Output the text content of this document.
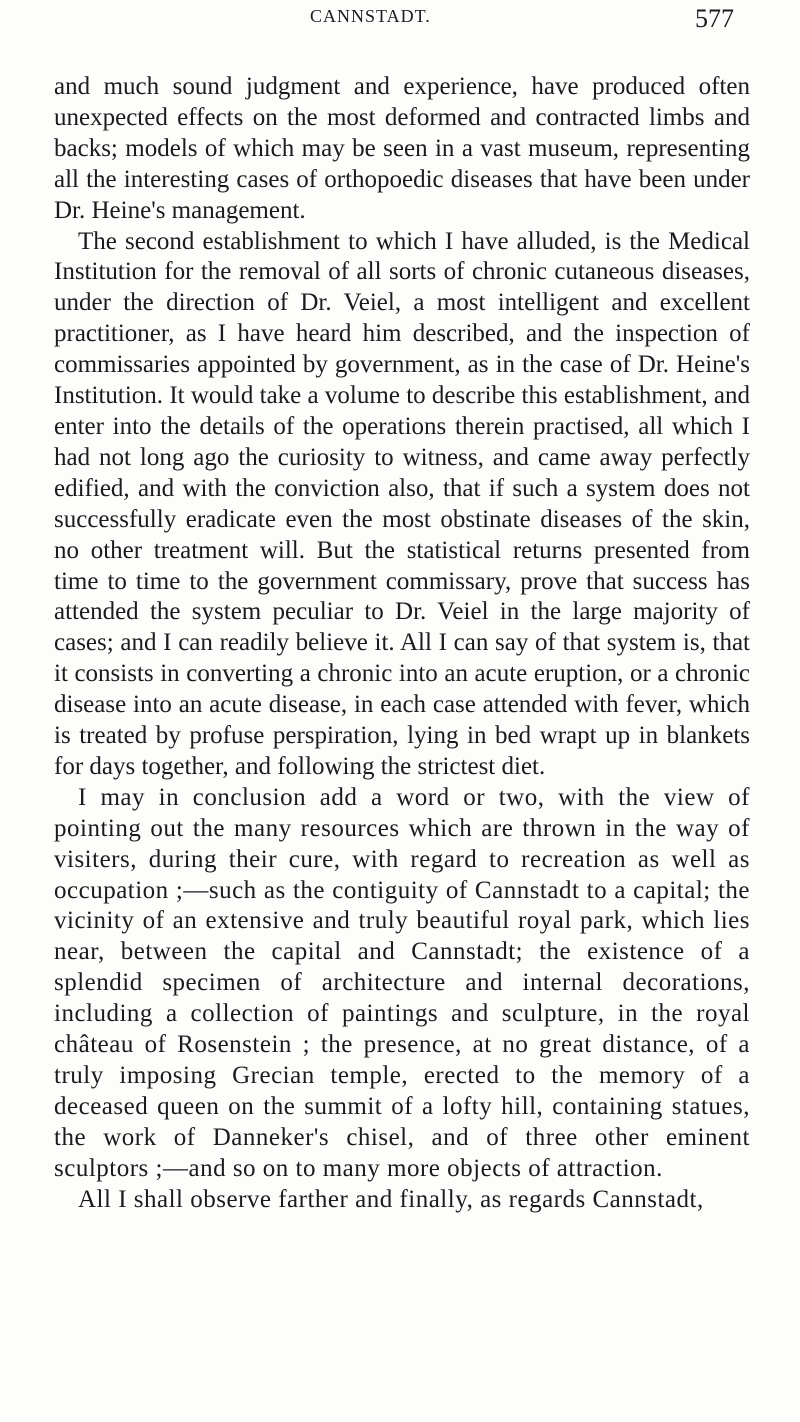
CANNSTADT.	577

and much sound judgment and experience, have produced often unexpected effects on the most deformed and contracted limbs and backs; models of which may be seen in a vast museum, representing all the interesting cases of orthopoedic diseases that have been under Dr. Heine's management.

The second establishment to which I have alluded, is the Medical Institution for the removal of all sorts of chronic cutaneous diseases, under the direction of Dr. Veiel, a most intelligent and excellent practitioner, as I have heard him described, and the inspection of commissaries appointed by government, as in the case of Dr. Heine's Institution. It would take a volume to describe this establishment, and enter into the details of the operations therein practised, all which I had not long ago the curiosity to witness, and came away perfectly edified, and with the conviction also, that if such a system does not successfully eradicate even the most obstinate diseases of the skin, no other treatment will. But the statistical returns presented from time to time to the government commissary, prove that success has attended the system peculiar to Dr. Veiel in the large majority of cases; and I can readily believe it. All I can say of that system is, that it consists in converting a chronic into an acute eruption, or a chronic disease into an acute disease, in each case attended with fever, which is treated by profuse perspiration, lying in bed wrapt up in blankets for days together, and following the strictest diet.

I may in conclusion add a word or two, with the view of pointing out the many resources which are thrown in the way of visiters, during their cure, with regard to recreation as well as occupation ;—such as the contiguity of Cannstadt to a capital; the vicinity of an extensive and truly beautiful royal park, which lies near, between the capital and Cannstadt; the existence of a splendid specimen of architecture and internal decorations, including a collection of paintings and sculpture, in the royal château of Rosenstein ; the presence, at no great distance, of a truly imposing Grecian temple, erected to the memory of a deceased queen on the summit of a lofty hill, containing statues, the work of Danneker's chisel, and of three other eminent sculptors ;—and so on to many more objects of attraction.

All I shall observe farther and finally, as regards Cannstadt,
